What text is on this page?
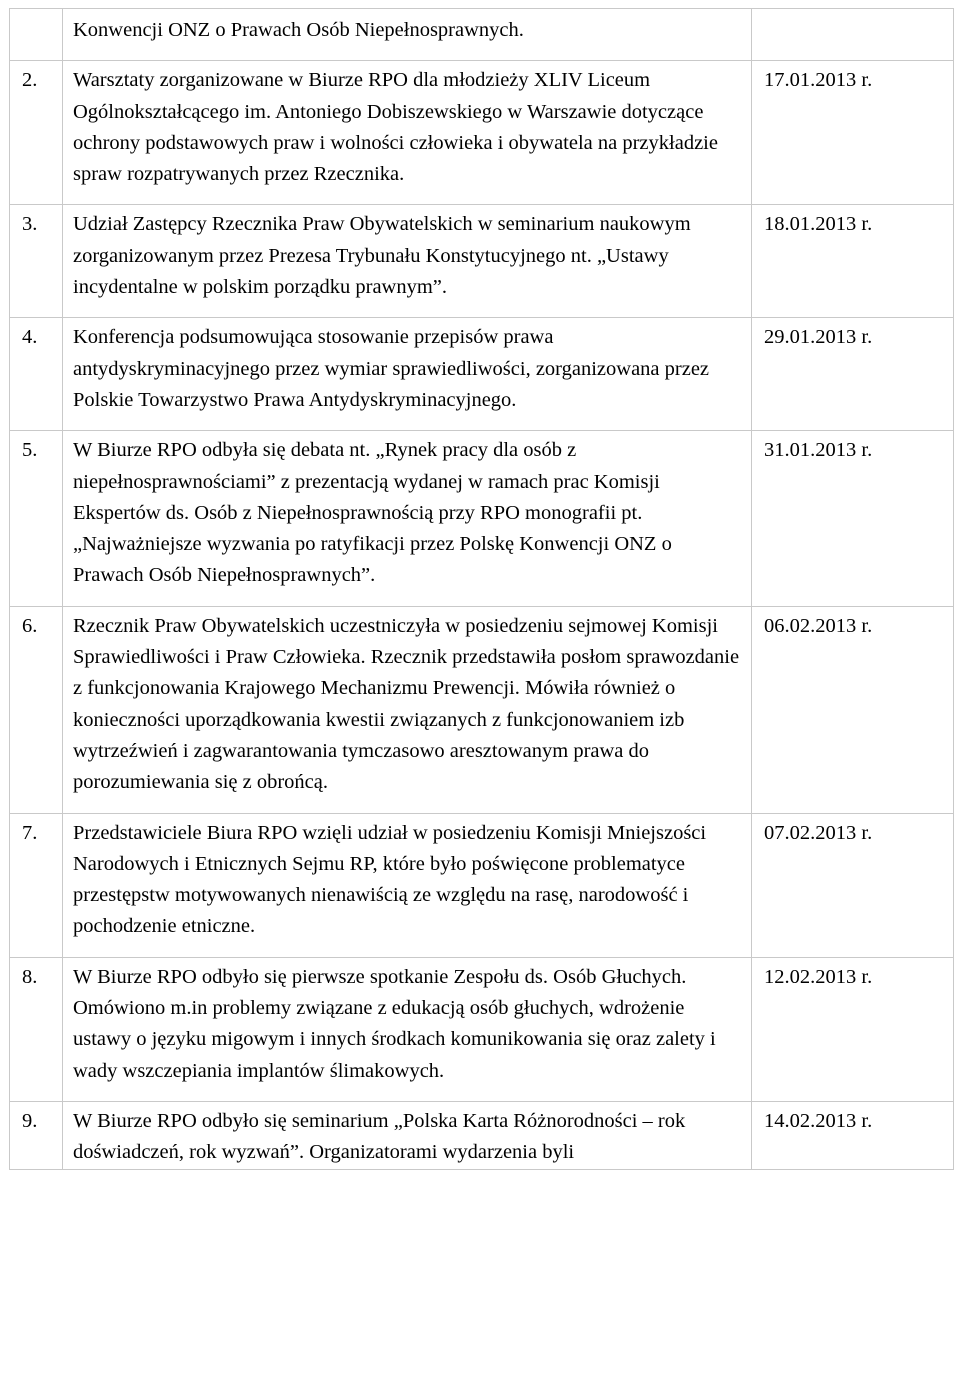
	Konwencji ONZ o Prawach Osób Niepełnosprawnych.	
2.	Warsztaty zorganizowane w Biurze RPO dla młodzieży XLIV Liceum Ogólnokształcącego im. Antoniego Dobiszewskiego w Warszawie dotyczące ochrony podstawowych praw i wolności człowieka i obywatela na przykładzie spraw rozpatrywanych przez Rzecznika.	17.01.2013 r.
3.	Udział Zastępcy Rzecznika Praw Obywatelskich w seminarium naukowym zorganizowanym przez Prezesa Trybunału Konstytucyjnego nt. „Ustawy incydentalne w polskim porządku prawnym”.	18.01.2013 r.
4.	Konferencja podsumowująca stosowanie przepisów prawa antydyskryminacyjnego przez wymiar sprawiedliwości, zorganizowana przez Polskie Towarzystwo Prawa Antydyskryminacyjnego.	29.01.2013 r.
5.	W Biurze RPO odbyła się debata nt. „Rynek pracy dla osób z niepełnosprawnościami” z prezentacją wydanej w ramach prac Komisji Ekspertów ds. Osób z Niepełnosprawnością przy RPO monografii pt. „Najważniejsze wyzwania po ratyfikacji przez Polskę Konwencji ONZ o Prawach Osób Niepełnosprawnych”.	31.01.2013 r.
6.	Rzecznik Praw Obywatelskich uczestniczyła w posiedzeniu sejmowej Komisji Sprawiedliwości i Praw Człowieka. Rzecznik przedstawiła posłom sprawozdanie z funkcjonowania Krajowego Mechanizmu Prewencji. Mówiła również o konieczności uporządkowania kwestii związanych z funkcjonowaniem izb wytrzeźwień i zagwarantowania tymczasowo aresztowanym prawa do porozumiewania się z obrońcą.	06.02.2013 r.
7.	Przedstawiciele Biura RPO wzięli udział w posiedzeniu Komisji Mniejszości Narodowych i Etnicznych Sejmu RP, które było poświęcone problematyce przestępstw motywowanych nienawiścią ze względu na rasę, narodowość i pochodzenie etniczne.	07.02.2013 r.
8.	W Biurze RPO odbyło się pierwsze spotkanie Zespołu ds. Osób Głuchych. Omówiono m.in problemy związane z edukacją osób głuchych, wdrożenie ustawy o języku migowym i innych środkach komunikowania się oraz zalety i wady wszczepiania implantów ślimakowych.	12.02.2013 r.
9.	W Biurze RPO odbyło się seminarium „Polska Karta Różnorodności – rok doświadczeń, rok wyzwań”. Organizatorami wydarzenia byli	14.02.2013 r.
